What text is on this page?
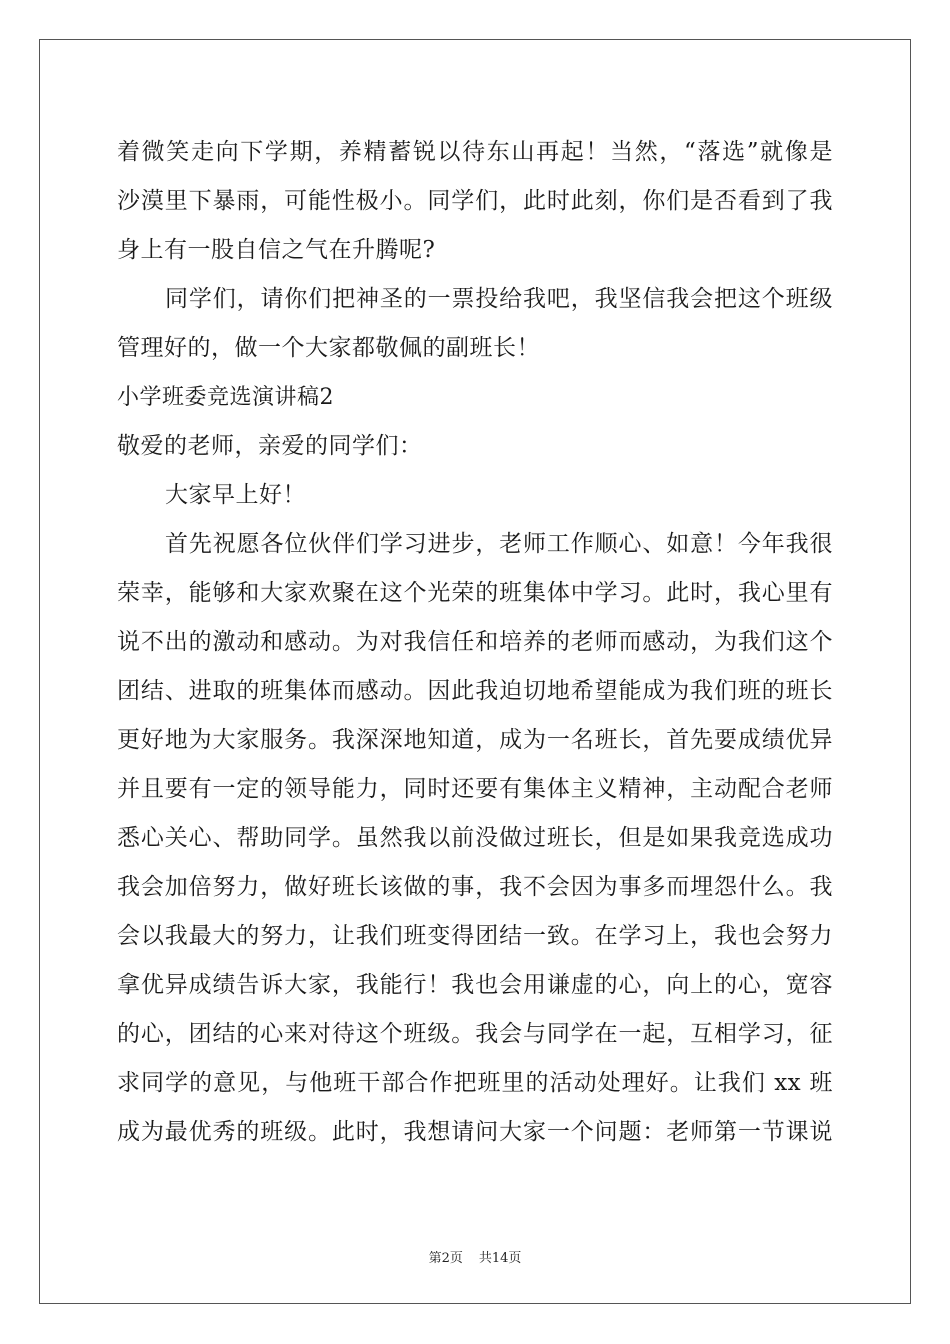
着微笑走向下学期，养精蓄锐以待东山再起！当然，“落选”就像是
沙漠里下暴雨，可能性极小。同学们，此时此刻，你们是否看到了我
身上有一股自信之气在升腾呢?
同学们，请你们把神圣的一票投给我吧，我坚信我会把这个班级
管理好的，做一个大家都敬佩的副班长！
小学班委竞选演讲稿2
敬爱的老师，亲爱的同学们：
大家早上好！
首先祝愿各位伙伴们学习进步，老师工作顺心、如意！今年我很
荣幸，能够和大家欢聚在这个光荣的班集体中学习。此时，我心里有
说不出的激动和感动。为对我信任和培养的老师而感动，为我们这个
团结、进取的班集体而感动。因此我迫切地希望能成为我们班的班长
更好地为大家服务。我深深地知道，成为一名班长，首先要成绩优异
并且要有一定的领导能力，同时还要有集体主义精神，主动配合老师
悉心关心、帮助同学。虽然我以前没做过班长，但是如果我竞选成功
我会加倍努力，做好班长该做的事，我不会因为事多而埋怨什么。我
会以我最大的努力，让我们班变得团结一致。在学习上，我也会努力
拿优异成绩告诉大家，我能行！我也会用谦虚的心，向上的心，宽容
的心，团结的心来对待这个班级。我会与同学在一起，互相学习，征
求同学的意见，与他班干部合作把班里的活动处理好。让我们 xx 班
成为最优秀的班级。此时，我想请问大家一个问题：老师第一节课说
第2页 共14页
